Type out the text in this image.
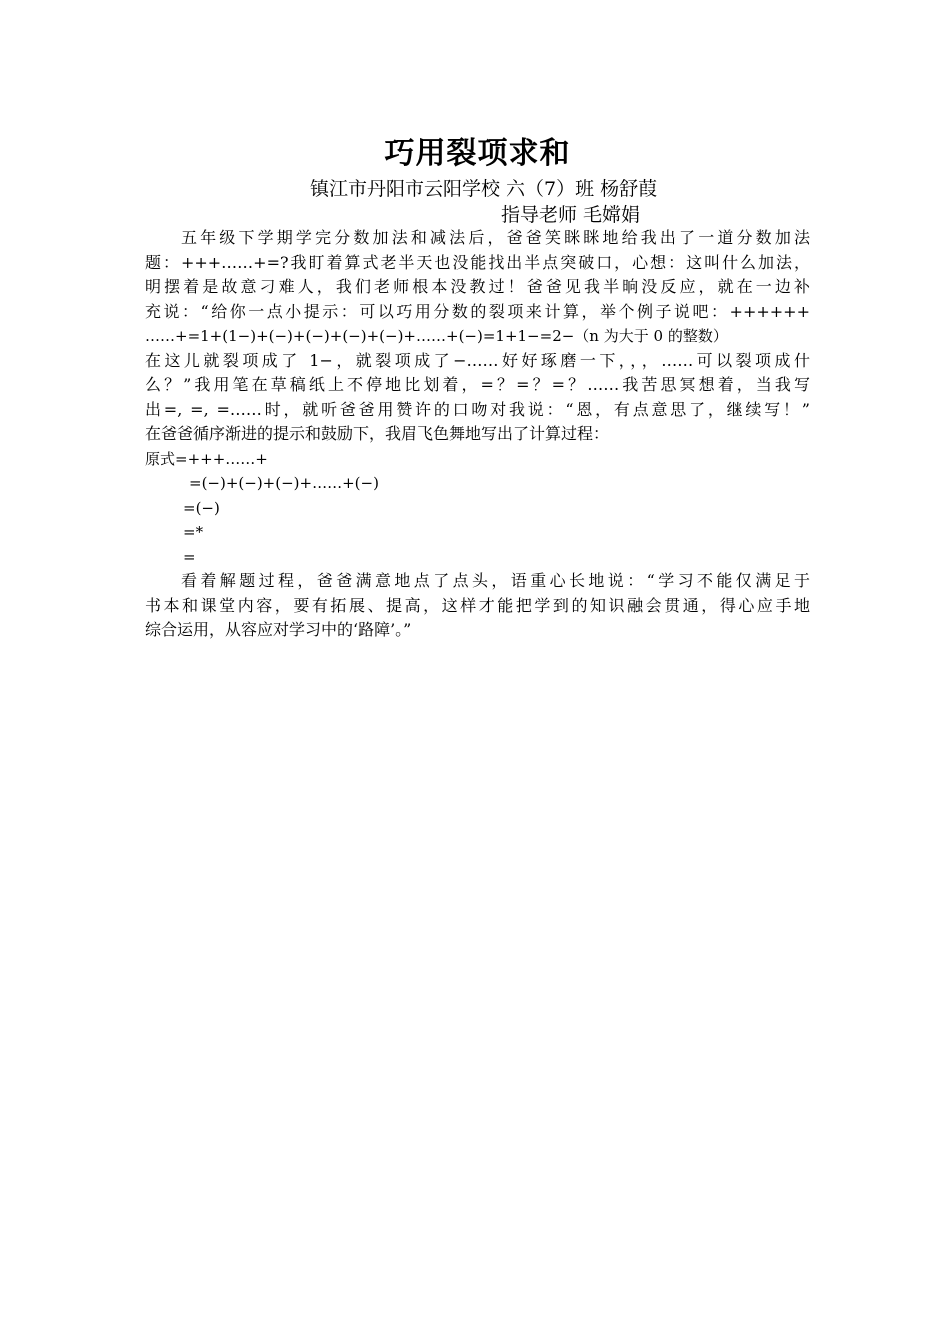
巧用裂项求和
镇江市丹阳市云阳学校 六（7）班 杨舒葭
指导老师 毛嫦娟
五年级下学期学完分数加法和减法后，爸爸笑眯眯地给我出了一道分数加法
题：+++……+=?我盯着算式老半天也没能找出半点突破口，心想：这叫什么加法，
明摆着是故意刁难人，我们老师根本没教过！爸爸见我半晌没反应，就在一边补
充说：“给你一点小提示：可以巧用分数的裂项来计算，举个例子说吧：++++++
……+=1+(1−)+(−)+(−)+(−)+(−)+……+(−)=1+1−=2−（n 为大于 0 的整数）
在这儿就裂项成了 1−，就裂项成了−……好好琢磨一下，，，……可以裂项成什
么？”我用笔在草稿纸上不停地比划着，=？=？=？……我苦思冥想着，当我写
出=, =, =……时，就听爸爸用赞许的口吻对我说：“恩，有点意思了，继续写！”
在爸爸循序渐进的提示和鼓励下，我眉飞色舞地写出了计算过程：
原式=+++……+
=(−)+(−)+(−)+……+(−)
=(−)
=*
=
看着解题过程，爸爸满意地点了点头，语重心长地说：“学习不能仅满足于
书本和课堂内容，要有拓展、提高，这样才能把学到的知识融会贯通，得心应手地
综合运用，从容应对学习中的‘路障’。”
